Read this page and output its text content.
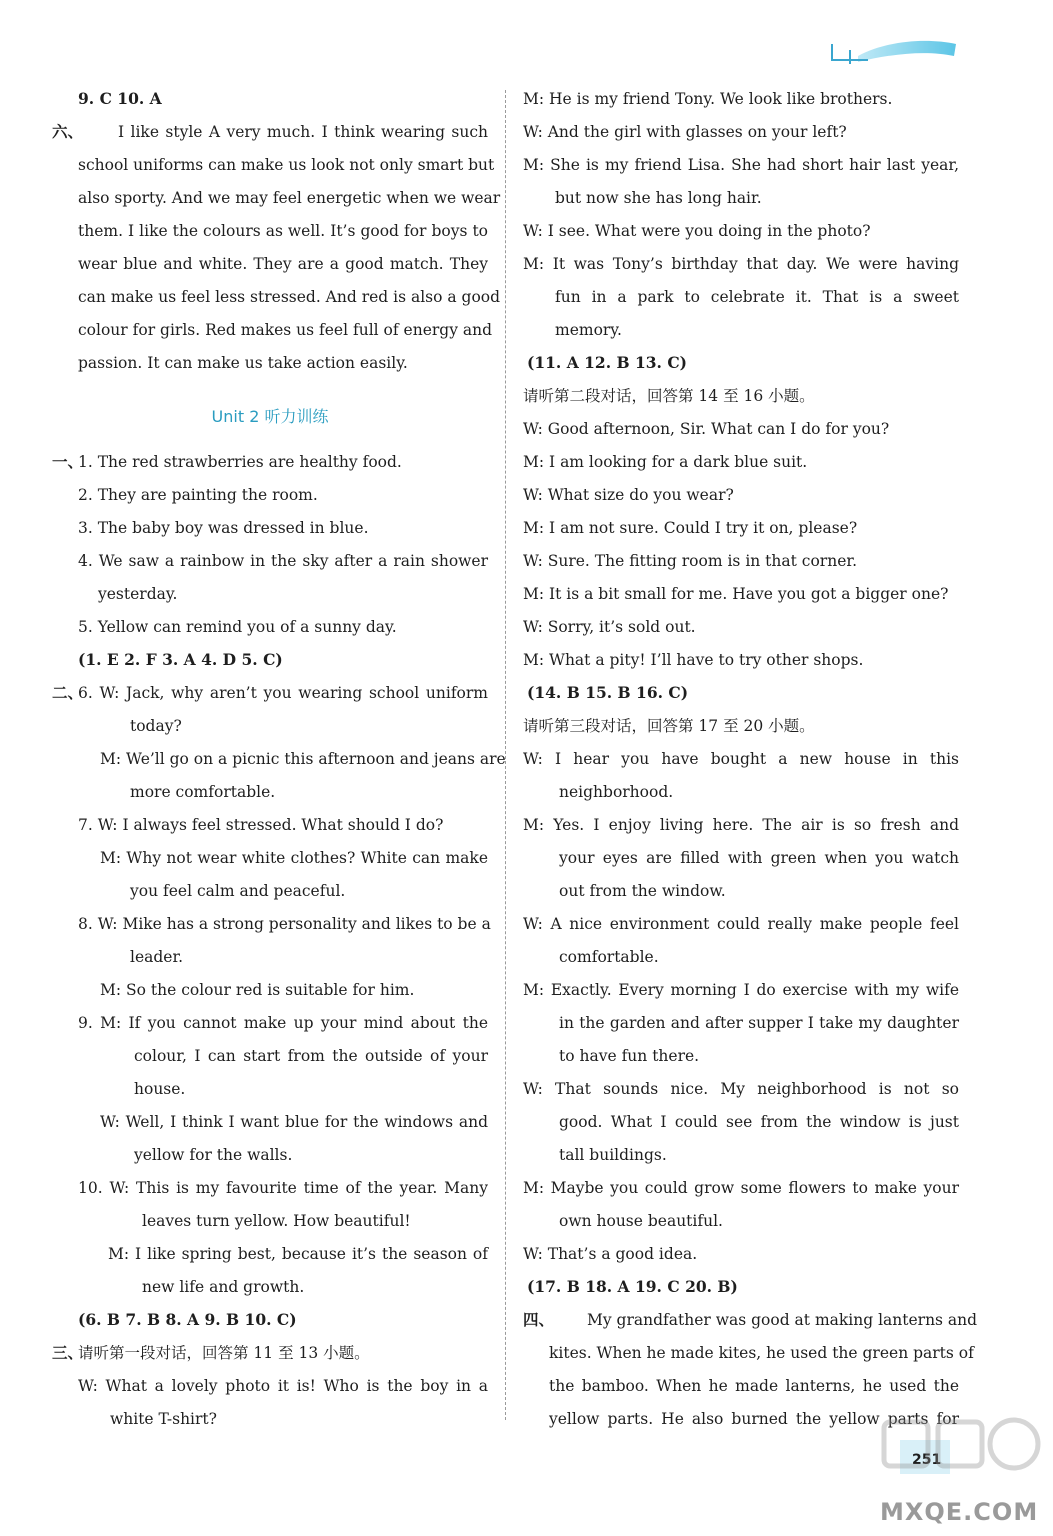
9. C 10. A
六、 I like style A very much. I think wearing such
school uniforms can make us look not only smart but
also sporty. And we may feel energetic when we wear
them. I like the colours as well. It’s good for boys to
wear blue and white. They are a good match. They
can make us feel less stressed. And red is also a good
colour for girls. Red makes us feel full of energy and
passion. It can make us take action easily.
Unit 2 听力训练
一、
1. The red strawberries are healthy food.
2. They are painting the room.
3. The baby boy was dressed in blue.
4. We saw a rainbow in the sky after a rain shower
yesterday.
5. Yellow can remind you of a sunny day.
(1. E 2. F 3. A 4. D 5. C)
二、
6. W: Jack, why aren’t you wearing school uniform
today?
M: We’ll go on a picnic this afternoon and jeans are
more comfortable.
7. W: I always feel stressed. What should I do?
M: Why not wear white clothes? White can make
you feel calm and peaceful.
8. W: Mike has a strong personality and likes to be a
leader.
M: So the colour red is suitable for him.
9. M: If you cannot make up your mind about the
colour, I can start from the outside of your
house.
W: Well, I think I want blue for the windows and
yellow for the walls.
10. W: This is my favourite time of the year. Many
leaves turn yellow. How beautiful!
M: I like spring best, because it’s the season of
new life and growth.
(6. B 7. B 8. A 9. B 10. C)
三、
请听第一段对话，回答第 11 至 13 小题。
W: What a lovely photo it is! Who is the boy in a
white T-shirt?
M: He is my friend Tony. We look like brothers.
W: And the girl with glasses on your left?
M: She is my friend Lisa. She had short hair last year,
but now she has long hair.
W: I see. What were you doing in the photo?
M: It was Tony’s birthday that day. We were having
fun in a park to celebrate it. That is a sweet
memory.
(11. A 12. B 13. C)
请听第二段对话，回答第 14 至 16 小题。
W: Good afternoon, Sir. What can I do for you?
M: I am looking for a dark blue suit.
W: What size do you wear?
M: I am not sure. Could I try it on, please?
W: Sure. The fitting room is in that corner.
M: It is a bit small for me. Have you got a bigger one?
W: Sorry, it’s sold out.
M: What a pity! I’ll have to try other shops.
(14. B 15. B 16. C)
请听第三段对话，回答第 17 至 20 小题。
W: I hear you have bought a new house in this
neighborhood.
M: Yes. I enjoy living here. The air is so fresh and
your eyes are filled with green when you watch
out from the window.
W: A nice environment could really make people feel
comfortable.
M: Exactly. Every morning I do exercise with my wife
in the garden and after supper I take my daughter
to have fun there.
W: That sounds nice. My neighborhood is not so
good. What I could see from the window is just
tall buildings.
M: Maybe you could grow some flowers to make your
own house beautiful.
W: That’s a good idea.
(17. B 18. A 19. C 20. B)
四、 My grandfather was good at making lanterns and
kites. When he made kites, he used the green parts of
the bamboo. When he made lanterns, he used the
yellow parts. He also burned the yellow parts for
251
MXQE.COM
